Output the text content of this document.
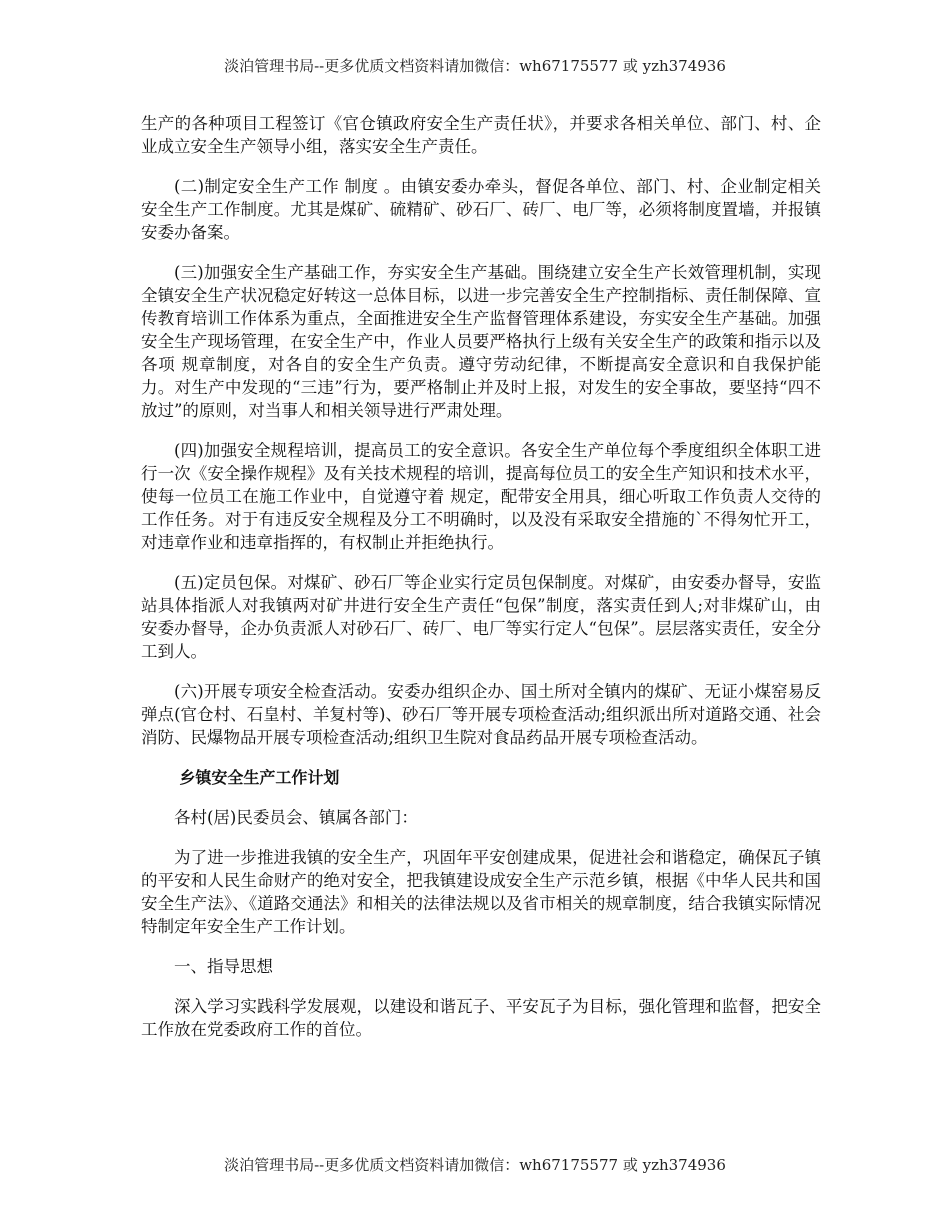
淡泊管理书局--更多优质文档资料请加微信：wh67175577 或 yzh374936

生产的各种项目工程签订《官仓镇政府安全生产责任状》，并要求各相关单位、部门、村、企业成立安全生产领导小组，落实安全生产责任。

(二)制定安全生产工作 制度 。由镇安委办牵头，督促各单位、部门、村、企业制定相关安全生产工作制度。尤其是煤矿、硫精矿、砂石厂、砖厂、电厂等，必须将制度置墙，并报镇安委办备案。

(三)加强安全生产基础工作，夯实安全生产基础。围绕建立安全生产长效管理机制，实现全镇安全生产状况稳定好转这一总体目标，以进一步完善安全生产控制指标、责任制保障、宣传教育培训工作体系为重点，全面推进安全生产监督管理体系建设，夯实安全生产基础。加强安全生产现场管理，在安全生产中，作业人员要严格执行上级有关安全生产的政策和指示以及各项 规章制度，对各自的安全生产负责。遵守劳动纪律，不断提高安全意识和自我保护能力。对生产中发现的“三违”行为，要严格制止并及时上报，对发生的安全事故，要坚持“四不放过”的原则，对当事人和相关领导进行严肃处理。

(四)加强安全规程培训，提高员工的安全意识。各安全生产单位每个季度组织全体职工进行一次《安全操作规程》及有关技术规程的培训，提高每位员工的安全生产知识和技术水平，使每一位员工在施工作业中，自觉遵守着 规定，配带安全用具，细心听取工作负责人交待的工作任务。对于有违反安全规程及分工不明确时，以及没有采取安全措施的`不得匆忙开工，对违章作业和违章指挥的，有权制止并拒绝执行。

(五)定员包保。对煤矿、砂石厂等企业实行定员包保制度。对煤矿，由安委办督导，安监站具体指派人对我镇两对矿井进行安全生产责任“包保”制度，落实责任到人;对非煤矿山，由安委办督导，企办负责派人对砂石厂、砖厂、电厂等实行定人“包保”。层层落实责任，安全分工到人。

(六)开展专项安全检查活动。安委办组织企办、国土所对全镇内的煤矿、无证小煤窑易反弹点(官仓村、石皇村、羊复村等)、砂石厂等开展专项检查活动;组织派出所对道路交通、社会消防、民爆物品开展专项检查活动;组织卫生院对食品药品开展专项检查活动。

乡镇安全生产工作计划

各村(居)民委员会、镇属各部门：

为了进一步推进我镇的安全生产，巩固年平安创建成果，促进社会和谐稳定，确保瓦子镇的平安和人民生命财产的绝对安全，把我镇建设成安全生产示范乡镇，根据《中华人民共和国安全生产法》、《道路交通法》和相关的法律法规以及省市相关的规章制度，结合我镇实际情况特制定年安全生产工作计划。

一、指导思想

深入学习实践科学发展观，以建设和谐瓦子、平安瓦子为目标，强化管理和监督，把安全工作放在党委政府工作的首位。

淡泊管理书局--更多优质文档资料请加微信：wh67175577 或 yzh374936
